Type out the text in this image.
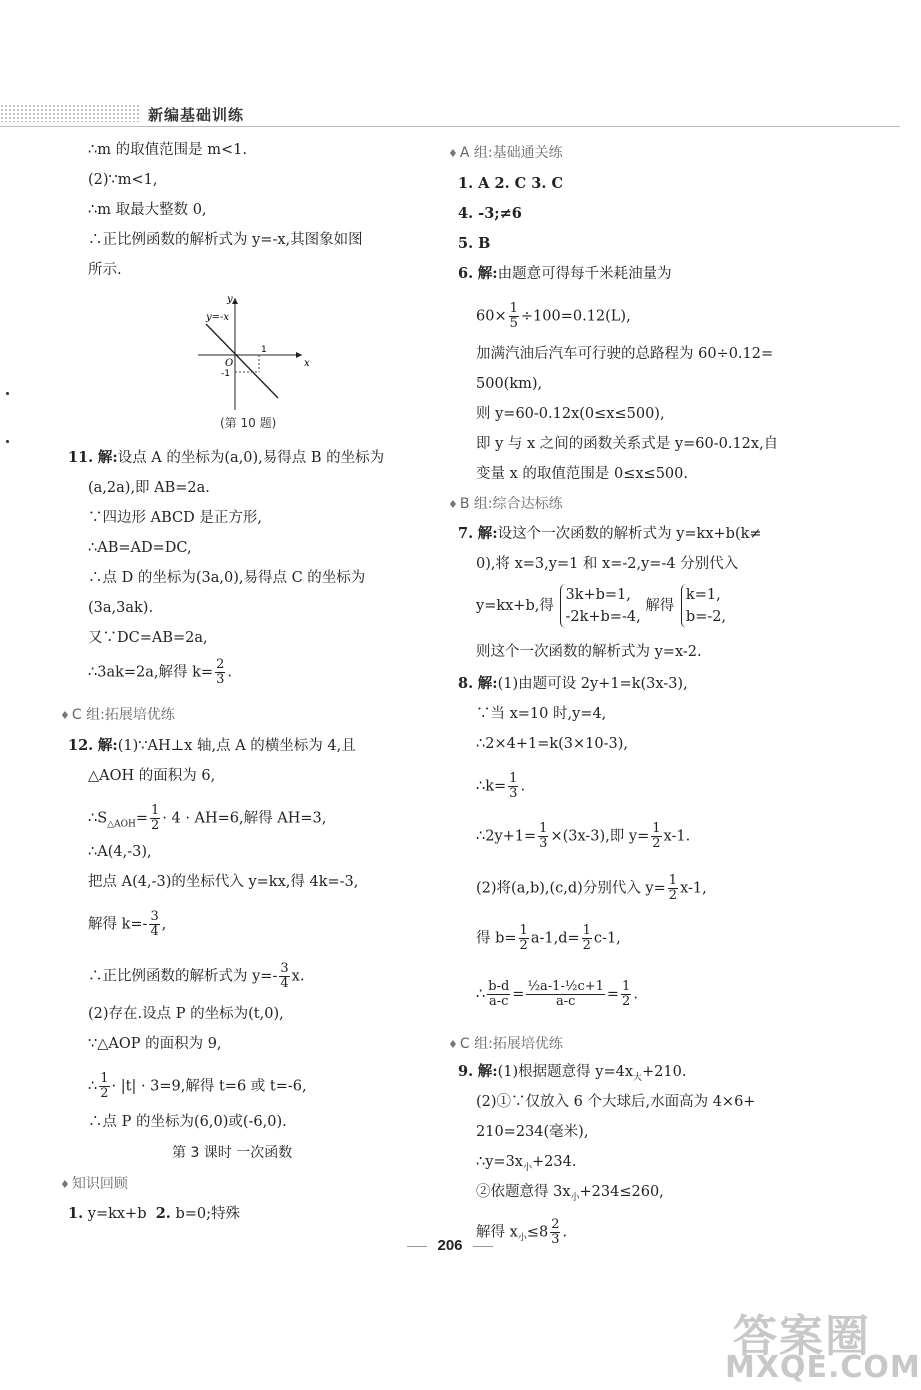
新编基础训练
∴m 的取值范围是 m<1.
(2)∵m<1,
∴m 取最大整数 0,
∴正比例函数的解析式为 y=-x,其图象如图
所示.
y=-x
x
y
O
1
-1
(第 10 题)
11. 解:设点 A 的坐标为(a,0),易得点 B 的坐标为
(a,2a),即 AB=2a.
∵四边形 ABCD 是正方形,
∴AB=AD=DC,
∴点 D 的坐标为(3a,0),易得点 C 的坐标为
(3a,3ak).
又∵DC=AB=2a,
∴3ak=2a,解得 $k= \frac{2}{3}$ .
♦ C 组:拓展培优练
12. 解:(1)∵AH⊥x 轴,点 A 的横坐标为 4,且
△AOH 的面积为 6,
$\therefore S_{\triangle AOH}= \frac{1}{2} \cdot 4 \cdot AH=6$,解得 AH=3,
∴A(4,-3),
把点 A(4,-3)的坐标代入 y=kx,得 4k=-3,
解得 $k=- \frac{3}{4}$ ,
∴正比例函数的解析式为 $y=- \frac{3}{4} x$.
(2)存在.设点 P 的坐标为(t,0),
∵△AOP 的面积为 9,
∴ $\frac{1}{2} \cdot |t| \cdot 3=9$,解得 t=6 或 t=-6,
∴点 P 的坐标为(6,0)或(-6,0).
第 3 课时 一次函数
♦ 知识回顾
1. y=kx+b 2. b=0;特殊
♦ A 组:基础通关练
1. A 2. C 3. C
4. -3;≠6
5. B
6. 解:由题意可得每千米耗油量为
$60\times \frac{1}{5} \div 100=0.12(L)$,
加满汽油后汽车可行驶的总路程为 60÷0.12=
500(km),
则 y=60-0.12x(0≤x≤500),
即 y 与 x 之间的函数关系式是 y=60-0.12x,自
变量 x 的取值范围是 0≤x≤500.
♦ B 组:综合达标练
7. 解:设这个一次函数的解析式为 y=kx+b(k≠
0),将 x=3,y=1 和 x=-2,y=-4 分别代入
y=kx+b,得
3k+b=1,
-2k+b=-4,
解得
k=1,
b=-2,
则这个一次函数的解析式为 y=x-2.
8. 解:(1)由题可设 2y+1=k(3x-3),
∵当 x=10 时,y=4,
∴2×4+1=k(3×10-3),
∴k= $\frac{1}{3}$ .
∴2y+1= $\frac{1}{3} \times(3x-3)$,即 $y= \frac{1}{2} x-1$.
(2)将(a,b),(c,d)分别代入 $y= \frac{1}{2} x-1$,
得 $b= \frac{1}{2} a-1,d= \frac{1}{2} c-1$,
∴ $\frac{b-d}{a-c} = \frac{\text{½a-1-½c+1}}{a-c} = \frac{1}{2}$ .
♦ C 组:拓展培优练
9. 解:(1)根据题意得 $y=4x_大+210$.
(2)①∵仅放入 6 个大球后,水面高为 4×6+
210=234(毫米),
$\therefore y=3x_小+234$.
②依题意得 $3x_小+234\le 260$,
解得 $x_小\le 8 \frac{2}{3}$ .
206
答案圈
MXQE.COM
